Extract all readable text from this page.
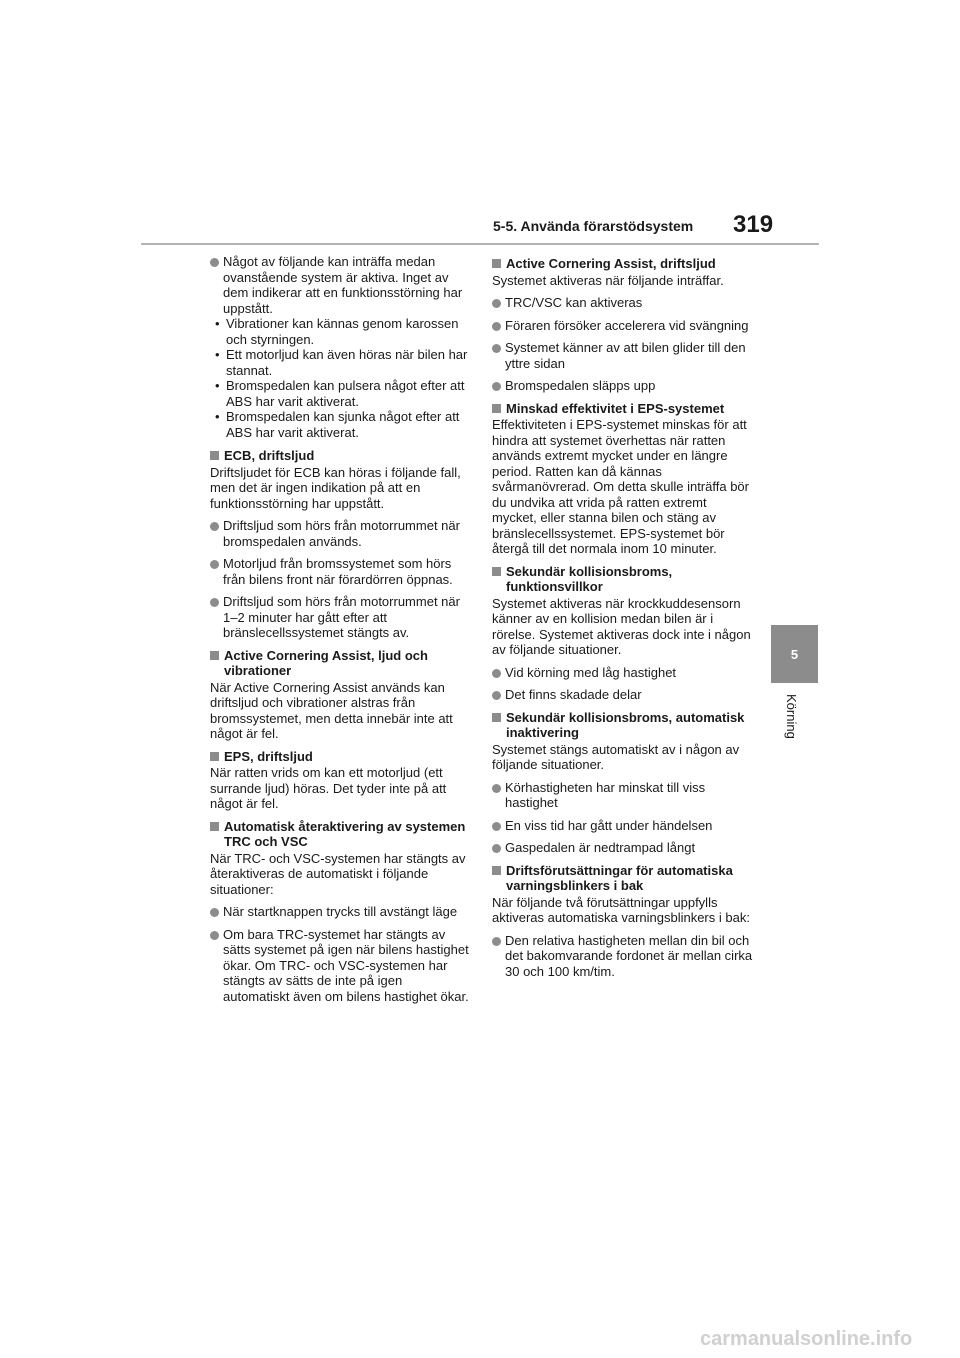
5-5. Använda förarstödsystem 319
5
Körning
Något av följande kan inträffa medan ovanstående system är aktiva. Inget av dem indikerar att en funktionsstörning har uppstått.
• Vibrationer kan kännas genom karossen och styrningen.
• Ett motorljud kan även höras när bilen har stannat.
• Bromspedalen kan pulsera något efter att ABS har varit aktiverat.
• Bromspedalen kan sjunka något efter att ABS har varit aktiverat.
ECB, driftsljud
Driftsljudet för ECB kan höras i följande fall, men det är ingen indikation på att en funktionsstörning har uppstått.
Driftsljud som hörs från motorrummet när bromspedalen används.
Motorljud från bromssystemet som hörs från bilens front när förardörren öppnas.
Driftsljud som hörs från motorrummet när 1–2 minuter har gått efter att bränslecellssystemet stängts av.
Active Cornering Assist, ljud och vibrationer
När Active Cornering Assist används kan driftsljud och vibrationer alstras från bromssystemet, men detta innebär inte att något är fel.
EPS, driftsljud
När ratten vrids om kan ett motorljud (ett surrande ljud) höras. Det tyder inte på att något är fel.
Automatisk återaktivering av systemen TRC och VSC
När TRC- och VSC-systemen har stängts av återaktiveras de automatiskt i följande situationer:
När startknappen trycks till avstängt läge
Om bara TRC-systemet har stängts av sätts systemet på igen när bilens hastighet ökar. Om TRC- och VSC-systemen har stängts av sätts de inte på igen automatiskt även om bilens hastighet ökar.
Active Cornering Assist, driftsljud
Systemet aktiveras när följande inträffar.
TRC/VSC kan aktiveras
Föraren försöker accelerera vid svängning
Systemet känner av att bilen glider till den yttre sidan
Bromspedalen släpps upp
Minskad effektivitet i EPS-systemet
Effektiviteten i EPS-systemet minskas för att hindra att systemet överhettas när ratten används extremt mycket under en längre period. Ratten kan då kännas svårmanövrerad. Om detta skulle inträffa bör du undvika att vrida på ratten extremt mycket, eller stanna bilen och stäng av bränslecellssystemet. EPS-systemet bör återgå till det normala inom 10 minuter.
Sekundär kollisionsbroms, funktionsvillkor
Systemet aktiveras när krockkuddesensorn känner av en kollision medan bilen är i rörelse. Systemet aktiveras dock inte i någon av följande situationer.
Vid körning med låg hastighet
Det finns skadade delar
Sekundär kollisionsbroms, automatisk inaktivering
Systemet stängs automatiskt av i någon av följande situationer.
Körhastigheten har minskat till viss hastighet
En viss tid har gått under händelsen
Gaspedalen är nedtrampad långt
Driftsförutsättningar för automatiska varningsblinkers i bak
När följande två förutsättningar uppfylls aktiveras automatiska varningsblinkers i bak:
Den relativa hastigheten mellan din bil och det bakomvarande fordonet är mellan cirka 30 och 100 km/tim.
carmanualsonline.info
